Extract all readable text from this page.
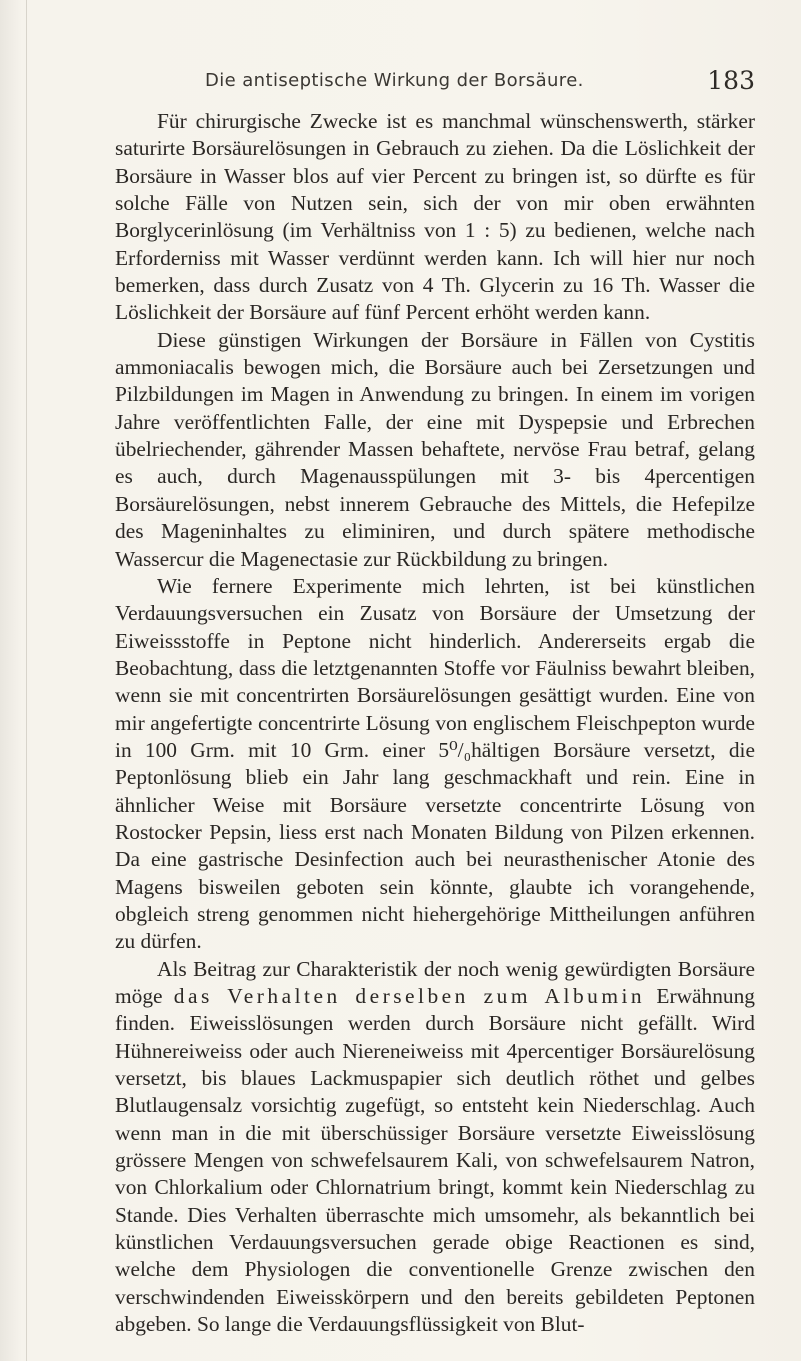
Die antiseptische Wirkung der Borsäure.	183

Für chirurgische Zwecke ist es manchmal wünschenswerth, stärker saturirte Borsäurelösungen in Gebrauch zu ziehen. Da die Löslichkeit der Borsäure in Wasser blos auf vier Percent zu bringen ist, so dürfte es für solche Fälle von Nutzen sein, sich der von mir oben erwähnten Borglycerinlösung (im Verhältniss von 1 : 5) zu bedienen, welche nach Erforderniss mit Wasser verdünnt werden kann. Ich will hier nur noch bemerken, dass durch Zusatz von 4 Th. Glycerin zu 16 Th. Wasser die Löslichkeit der Borsäure auf fünf Percent erhöht werden kann.

Diese günstigen Wirkungen der Borsäure in Fällen von Cystitis ammoniacalis bewogen mich, die Borsäure auch bei Zersetzungen und Pilzbildungen im Magen in Anwendung zu bringen. In einem im vorigen Jahre veröffentlichten Falle, der eine mit Dyspepsie und Erbrechen übelriechender, gährender Massen behaftete, nervöse Frau betraf, gelang es auch, durch Magenausspülungen mit 3- bis 4percentigen Borsäurelösungen, nebst innerem Gebrauche des Mittels, die Hefepilze des Mageninhaltes zu eliminiren, und durch spätere methodische Wassercur die Magenectasie zur Rückbildung zu bringen.

Wie fernere Experimente mich lehrten, ist bei künstlichen Verdauungsversuchen ein Zusatz von Borsäure der Umsetzung der Eiweissstoffe in Peptone nicht hinderlich. Andererseits ergab die Beobachtung, dass die letztgenannten Stoffe vor Fäulniss bewahrt bleiben, wenn sie mit concentrirten Borsäurelösungen gesättigt wurden. Eine von mir angefertigte concentrirte Lösung von englischem Fleischpepton wurde in 100 Grm. mit 10 Grm. einer 5⁰/₀hältigen Borsäure versetzt, die Peptonlösung blieb ein Jahr lang geschmackhaft und rein. Eine in ähnlicher Weise mit Borsäure versetzte concentrirte Lösung von Rostocker Pepsin, liess erst nach Monaten Bildung von Pilzen erkennen. Da eine gastrische Desinfection auch bei neurasthenischer Atonie des Magens bisweilen geboten sein könnte, glaubte ich vorangehende, obgleich streng genommen nicht hiehergehörige Mittheilungen anführen zu dürfen.

Als Beitrag zur Charakteristik der noch wenig gewürdigten Borsäure möge das Verhalten derselben zum Albumin Erwähnung finden. Eiweisslösungen werden durch Borsäure nicht gefällt. Wird Hühnereiweiss oder auch Niereneiweiss mit 4percentiger Borsäurelösung versetzt, bis blaues Lackmuspapier sich deutlich röthet und gelbes Blutlaugensalz vorsichtig zugefügt, so entsteht kein Niederschlag. Auch wenn man in die mit überschüssiger Borsäure versetzte Eiweisslösung grössere Mengen von schwefelsaurem Kali, von schwefelsaurem Natron, von Chlorkalium oder Chlornatrium bringt, kommt kein Niederschlag zu Stande. Dies Verhalten überraschte mich umsomehr, als bekanntlich bei künstlichen Verdauungsversuchen gerade obige Reactionen es sind, welche dem Physiologen die conventionelle Grenze zwischen den verschwindenden Eiweisskörpern und den bereits gebildeten Peptonen abgeben. So lange die Verdauungsflüssigkeit von Blut-
